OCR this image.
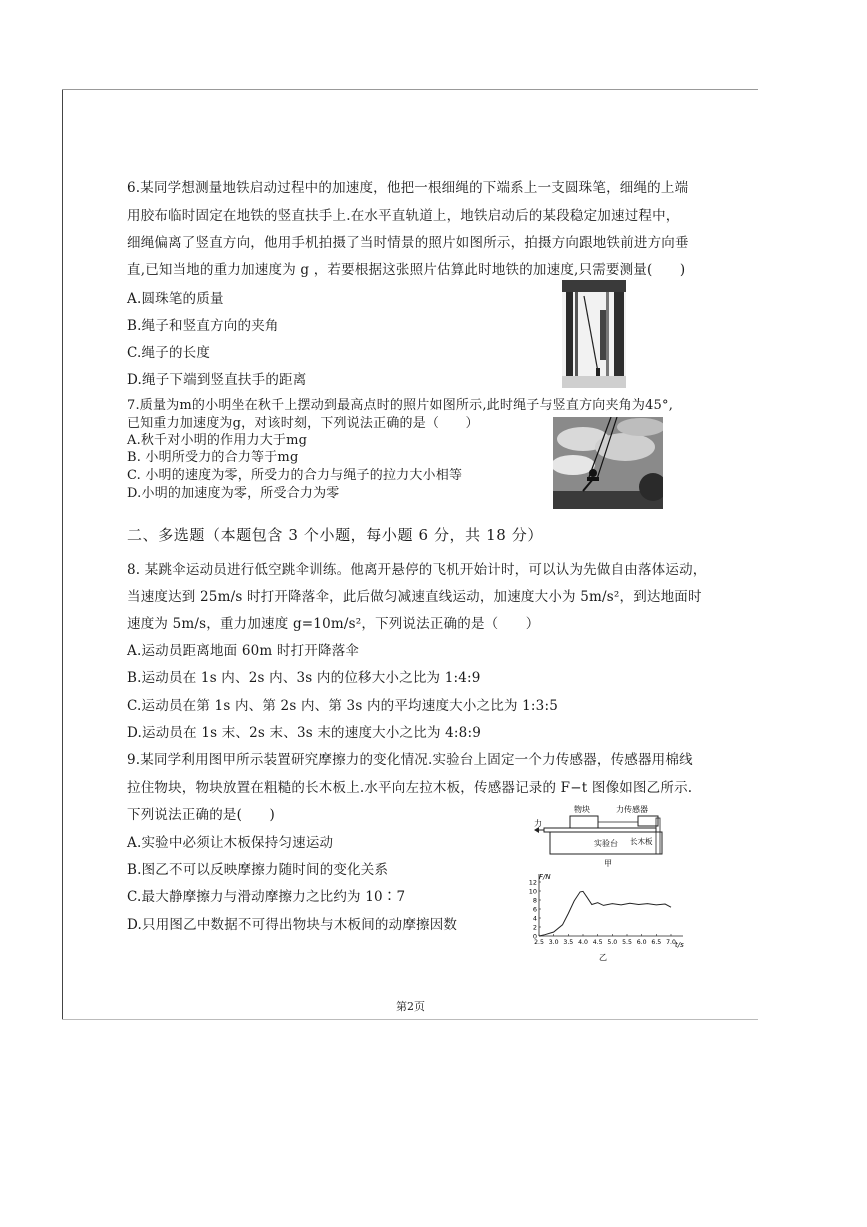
6.某同学想测量地铁启动过程中的加速度，他把一根细绳的下端系上一支圆珠笔，细绳的上端
用胶布临时固定在地铁的竖直扶手上.在水平直轨道上，地铁启动后的某段稳定加速过程中，
细绳偏离了竖直方向，他用手机拍摄了当时情景的照片如图所示，拍摄方向跟地铁前进方向垂
直,已知当地的重力加速度为 g ，若要根据这张照片估算此时地铁的加速度,只需要测量(　　)
A.圆珠笔的质量
B.绳子和竖直方向的夹角
C.绳子的长度
D.绳子下端到竖直扶手的距离
7.质量为m的小明坐在秋千上摆动到最高点时的照片如图所示,此时绳子与竖直方向夹角为45°,
已知重力加速度为g，对该时刻，下列说法正确的是（　　）
A.秋千对小明的作用力大于mg
B. 小明所受力的合力等于mg
C. 小明的速度为零，所受力的合力与绳子的拉力大小相等
D.小明的加速度为零，所受合力为零
二、多选题（本题包含 3 个小题，每小题 6 分，共 18 分）
8. 某跳伞运动员进行低空跳伞训练。他离开悬停的飞机开始计时，可以认为先做自由落体运动，
当速度达到 25m/s 时打开降落伞，此后做匀减速直线运动，加速度大小为 5m/s²，到达地面时
速度为 5m/s，重力加速度 g=10m/s²，下列说法正确的是（　　）
A.运动员距离地面 60m 时打开降落伞
B.运动员在 1s 内、2s 内、3s 内的位移大小之比为 1:4:9
C.运动员在第 1s 内、第 2s 内、第 3s 内的平均速度大小之比为 1:3:5
D.运动员在 1s 末、2s 末、3s 末的速度大小之比为 4:8:9
9.某同学利用图甲所示装置研究摩擦力的变化情况.实验台上固定一个力传感器，传感器用棉线
拉住物块，物块放置在粗糙的长木板上.水平向左拉木板，传感器记录的 F−t 图像如图乙所示.
下列说法正确的是(　　)
A.实验中必须让木板保持匀速运动
B.图乙不可以反映摩擦力随时间的变化关系
C.最大静摩擦力与滑动摩擦力之比约为 10∶7
D.只用图乙中数据不可得出物块与木板间的动摩擦因数
物块	力传感器
力
实验台 长木板
甲
0
2
4
6
8
10
12
2.5 3.0 3.5 4.0 4.5 5.0 5.5 6.0 6.5 7.0
F/N
t/s
乙
第2页
